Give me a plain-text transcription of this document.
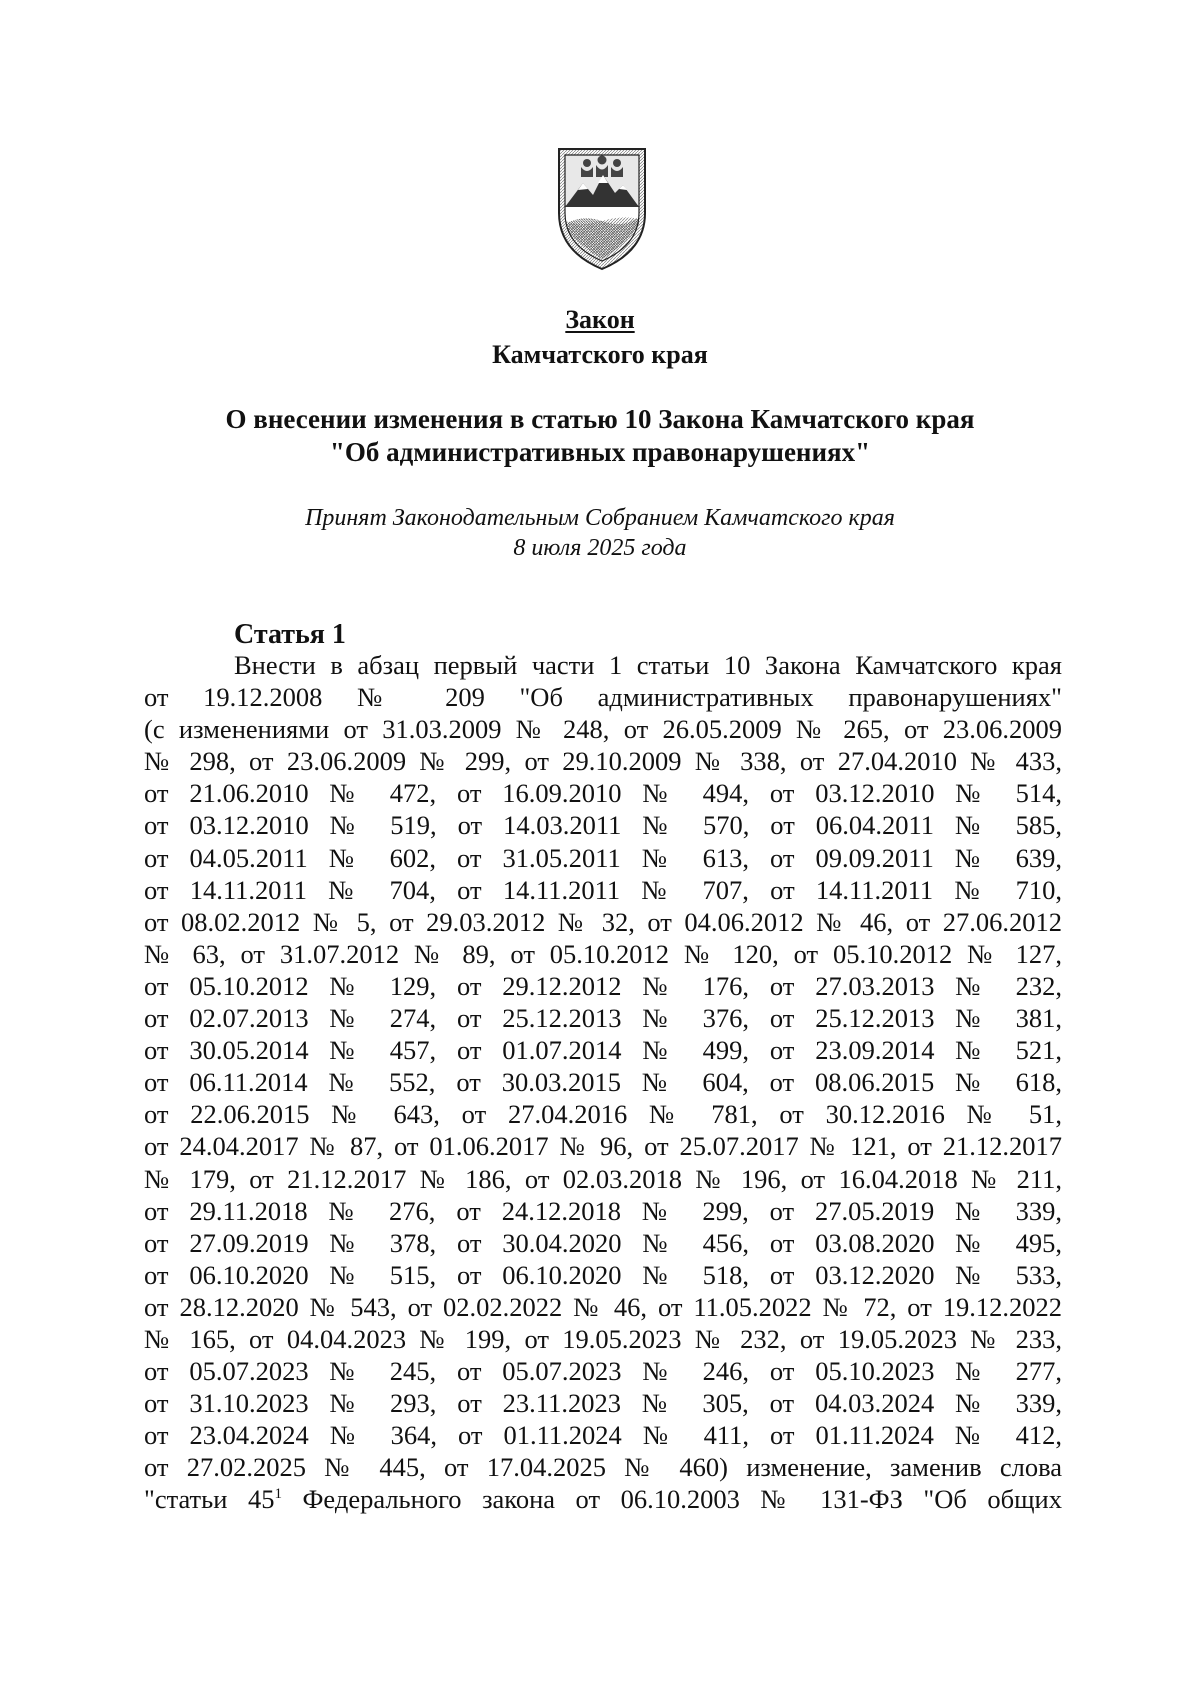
Закон
Камчатского края
О внесении изменения в статью 10 Закона Камчатского края
"Об административных правонарушениях"
Принят Законодательным Собранием Камчатского края
8 июля 2025 года
Статья 1
Внести в абзац первый части 1 статьи 10 Закона Камчатского края
от 19.12.2008 № 209 "Об административных правонарушениях"
(с изменениями от 31.03.2009 № 248, от 26.05.2009 № 265, от 23.06.2009
№ 298, от 23.06.2009 № 299, от 29.10.2009 № 338, от 27.04.2010 № 433,
от 21.06.2010 № 472, от 16.09.2010 № 494, от 03.12.2010 № 514,
от 03.12.2010 № 519, от 14.03.2011 № 570, от 06.04.2011 № 585,
от 04.05.2011 № 602, от 31.05.2011 № 613, от 09.09.2011 № 639,
от 14.11.2011 № 704, от 14.11.2011 № 707, от 14.11.2011 № 710,
от 08.02.2012 № 5, от 29.03.2012 № 32, от 04.06.2012 № 46, от 27.06.2012
№ 63, от 31.07.2012 № 89, от 05.10.2012 № 120, от 05.10.2012 № 127,
от 05.10.2012 № 129, от 29.12.2012 № 176, от 27.03.2013 № 232,
от 02.07.2013 № 274, от 25.12.2013 № 376, от 25.12.2013 № 381,
от 30.05.2014 № 457, от 01.07.2014 № 499, от 23.09.2014 № 521,
от 06.11.2014 № 552, от 30.03.2015 № 604, от 08.06.2015 № 618,
от 22.06.2015 № 643, от 27.04.2016 № 781, от 30.12.2016 № 51,
от 24.04.2017 № 87, от 01.06.2017 № 96, от 25.07.2017 № 121, от 21.12.2017
№ 179, от 21.12.2017 № 186, от 02.03.2018 № 196, от 16.04.2018 № 211,
от 29.11.2018 № 276, от 24.12.2018 № 299, от 27.05.2019 № 339,
от 27.09.2019 № 378, от 30.04.2020 № 456, от 03.08.2020 № 495,
от 06.10.2020 № 515, от 06.10.2020 № 518, от 03.12.2020 № 533,
от 28.12.2020 № 543, от 02.02.2022 № 46, от 11.05.2022 № 72, от 19.12.2022
№ 165, от 04.04.2023 № 199, от 19.05.2023 № 232, от 19.05.2023 № 233,
от 05.07.2023 № 245, от 05.07.2023 № 246, от 05.10.2023 № 277,
от 31.10.2023 № 293, от 23.11.2023 № 305, от 04.03.2024 № 339,
от 23.04.2024 № 364, от 01.11.2024 № 411, от 01.11.2024 № 412,
от 27.02.2025 № 445, от 17.04.2025 № 460) изменение, заменив слова
"статьи $45^1$ Федерального закона от 06.10.2003 № 131-ФЗ "Об общих
